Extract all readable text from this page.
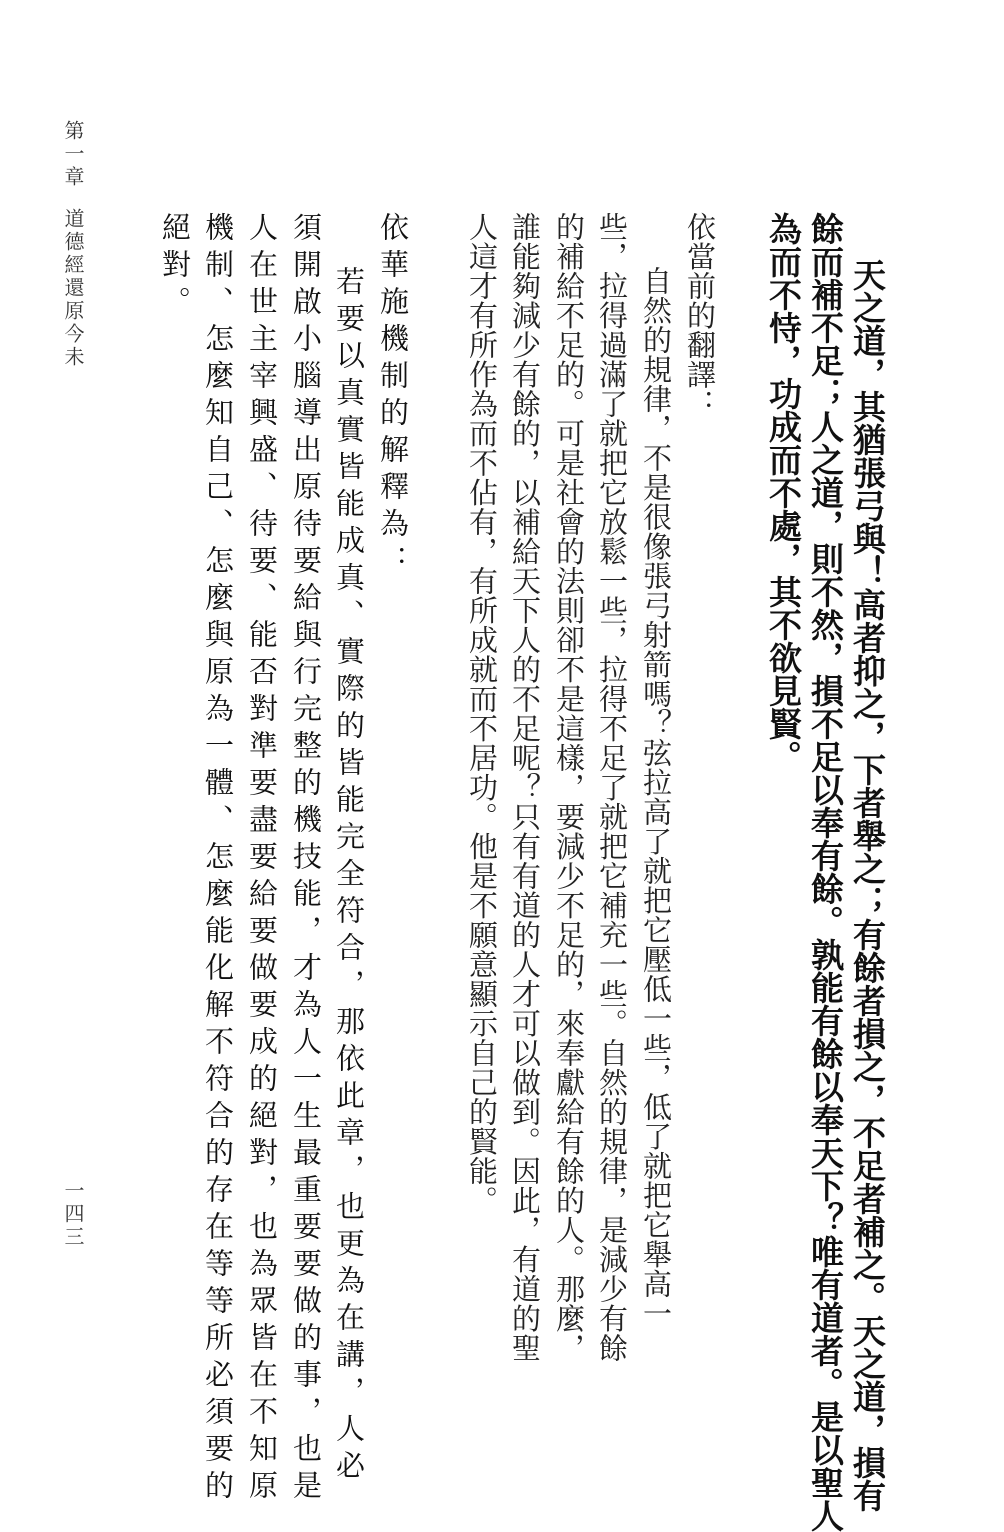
天之道，其猶張弓與！高者抑之，下者舉之；有餘者損之，不足者補之。天之道，損有
餘而補不足；人之道，則不然，損不足以奉有餘。孰能有餘以奉天下？唯有道者。是以聖人
為而不恃，功成而不處，其不欲見賢。
依當前的翻譯：
自然的規律，不是很像張弓射箭嗎？弦拉高了就把它壓低一些，低了就把它舉高一
些，拉得過滿了就把它放鬆一些，拉得不足了就把它補充一些。自然的規律，是減少有餘
的補給不足的。可是社會的法則卻不是這樣，要減少不足的，來奉獻給有餘的人。那麼，
誰能夠減少有餘的，以補給天下人的不足呢？只有有道的人才可以做到。因此，有道的聖
人這才有所作為而不佔有，有所成就而不居功。他是不願意顯示自己的賢能。
依華施機制的解釋為：
若要以真實皆能成真、實際的皆能完全符合，那依此章，也更為在講，人必
須開啟小腦導出原待要給與行完整的機技能，才為人一生最重要要做的事，也是
人在世主宰興盛、待要、能否對準要盡要給要做要成的絕對，也為眾皆在不知原
機制、怎麼知自己、怎麼與原為一體、怎麼能化解不符合的存在等等所必須要的
絕對。
第一章
道德經還原今未
一四三
